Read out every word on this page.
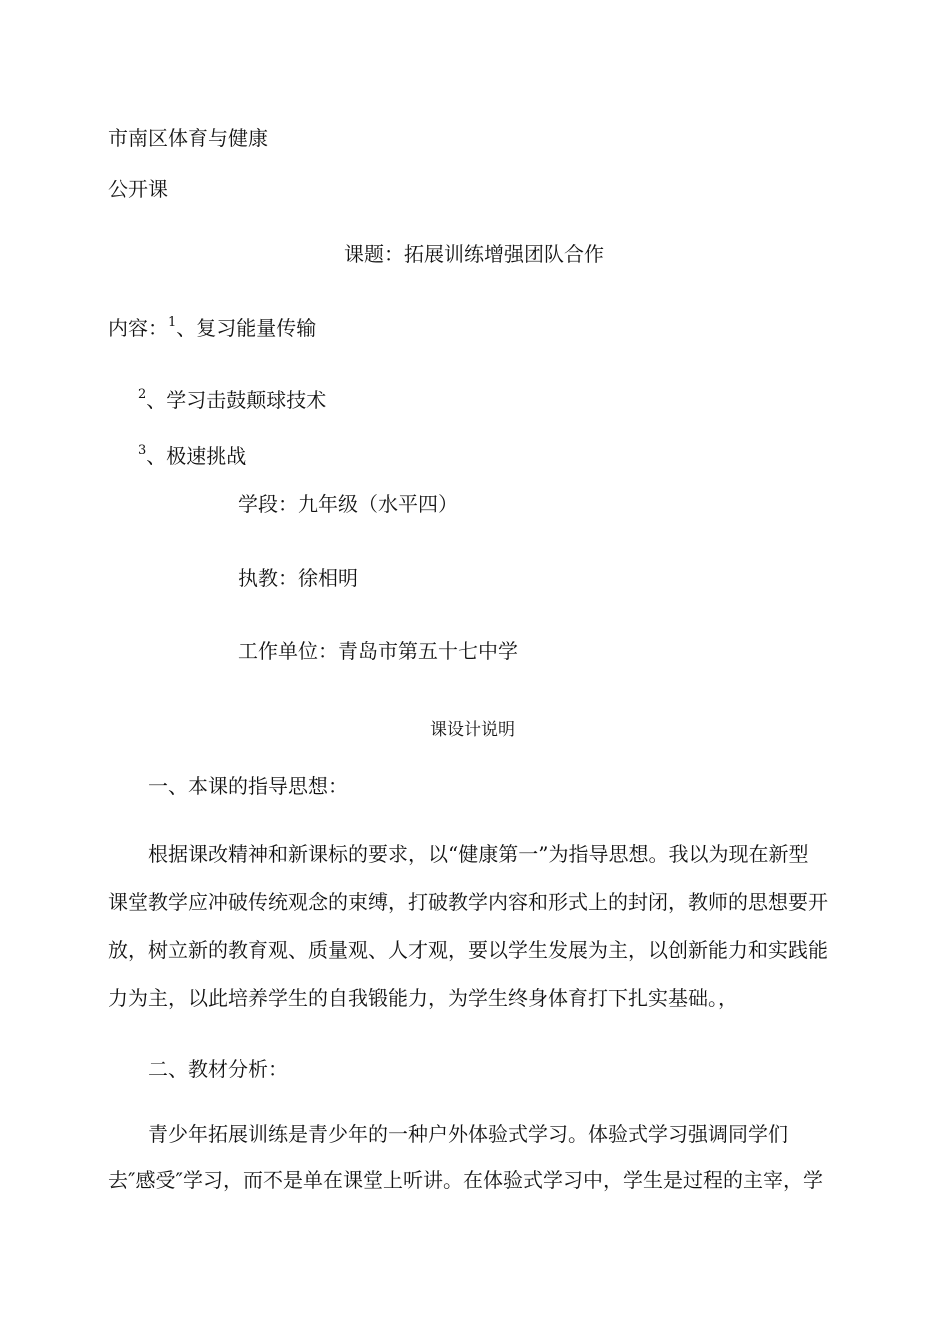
市南区体育与健康
公开课
课题：拓展训练增强团队合作
内容：$^1$、复习能量传输
$^2$、学习击鼓颠球技术
$^3$、极速挑战
学段：九年级（水平四）
执教：徐相明
工作单位：青岛市第五十七中学
课设计说明
一、本课的指导思想：
根据课改精神和新课标的要求，以“健康第一”为指导思想。我以为现在新型
课堂教学应冲破传统观念的束缚，打破教学内容和形式上的封闭，教师的思想要开
放，树立新的教育观、质量观、人才观，要以学生发展为主，以创新能力和实践能
力为主，以此培养学生的自我锻能力，为学生终身体育打下扎实基础。，
二、教材分析：
青少年拓展训练是青少年的一种户外体验式学习。体验式学习强调同学们
去″感受″学习，而不是单在课堂上听讲。在体验式学习中，学生是过程的主宰，学
